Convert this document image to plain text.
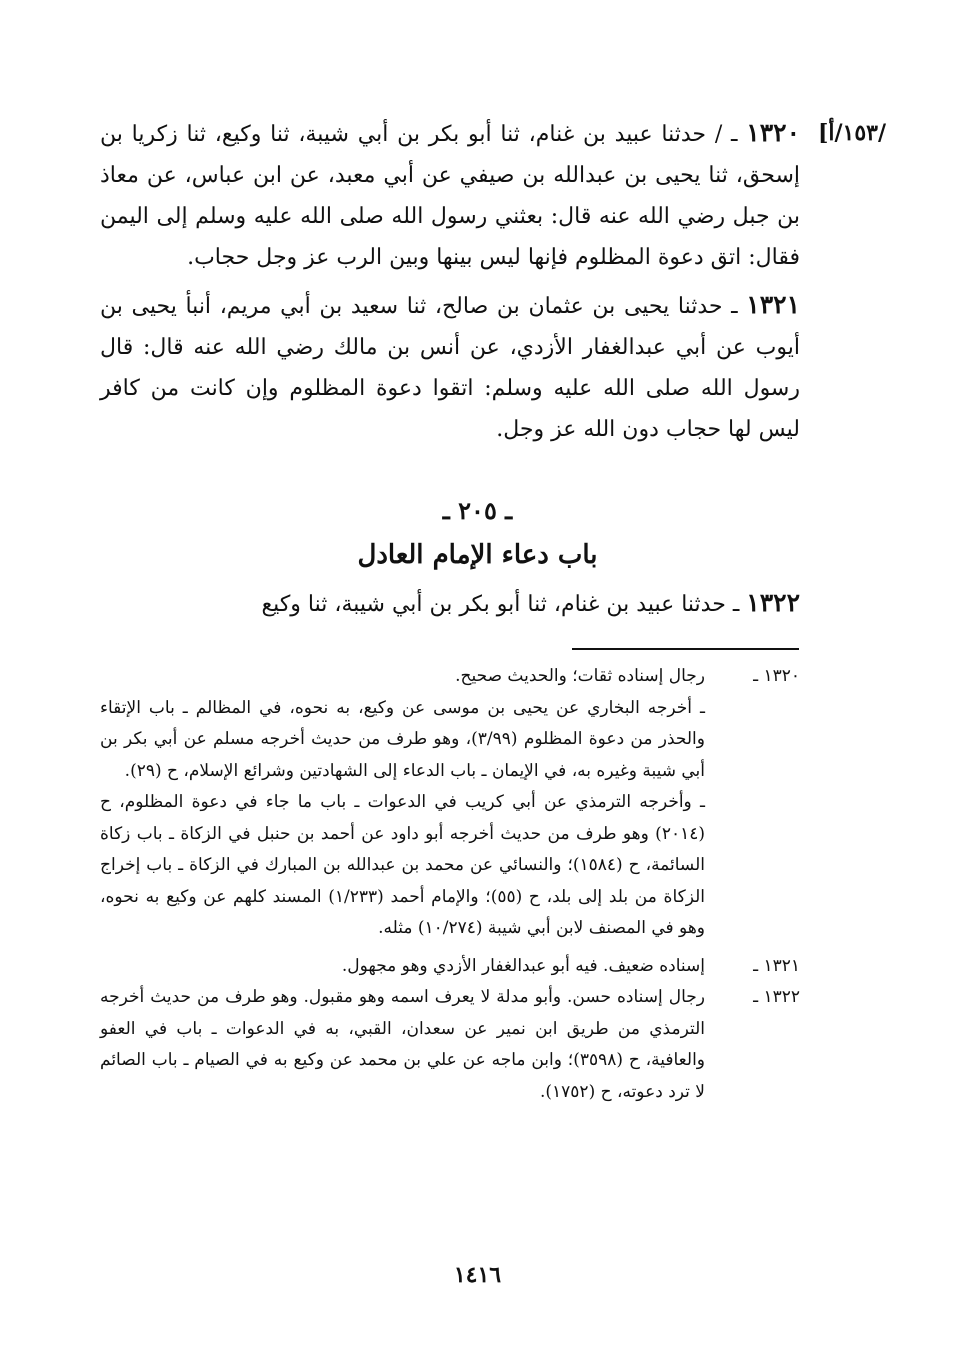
/١٥٣/أ]

١٣٢٠ ـ / حدثنا عبيد بن غنام، ثنا أبو بكر بن أبي شيبة، ثنا وكيع، ثنا زكريا بن إسحق، ثنا يحيى بن عبدالله بن صيفي عن أبي معبد، عن ابن عباس، عن معاذ بن جبل رضي الله عنه قال: بعثني رسول الله صلى الله عليه وسلم إلى اليمن فقال: اتق دعوة المظلوم فإنها ليس بينها وبين الرب عز وجل حجاب.

١٣٢١ ـ حدثنا يحيى بن عثمان بن صالح، ثنا سعيد بن أبي مريم، أنبأ يحيى بن أيوب عن أبي عبدالغفار الأزدي، عن أنس بن مالك رضي الله عنه قال: قال رسول الله صلى الله عليه وسلم: اتقوا دعوة المظلوم وإن كانت من كافر ليس لها حجاب دون الله عز وجل.

ـ ٢٠٥ ـ
باب دعاء الإمام العادل

١٣٢٢ ـ حدثنا عبيد بن غنام، ثنا أبو بكر بن أبي شيبة، ثنا وكيع

١٣٢٠ ـ

رجال إسناده ثقات؛ والحديث صحيح.

ـ أخرجه البخاري عن يحيى بن موسى عن وكيع، به نحوه، في المظالم ـ باب الإتقاء والحذر من دعوة المظلوم (٣/٩٩)، وهو طرف من حديث أخرجه مسلم عن أبي بكر بن أبي شيبة وغيره به، في الإيمان ـ باب الدعاء إلى الشهادتين وشرائع الإسلام، ح (٢٩).

ـ وأخرجه الترمذي عن أبي كريب في الدعوات ـ باب ما جاء في دعوة المظلوم، ح (٢٠١٤) وهو طرف من حديث أخرجه أبو داود عن أحمد بن حنبل في الزكاة ـ باب زكاة السائمة، ح (١٥٨٤)؛ والنسائي عن محمد بن عبدالله بن المبارك في الزكاة ـ باب إخراج الزكاة من بلد إلى بلد، ح (٥٥)؛ والإمام أحمد (١/٢٣٣) المسند كلهم عن وكيع به نحوه، وهو في المصنف لابن أبي شيبة (١٠/٢٧٤) مثله.

١٣٢١ ـ

إسناده ضعيف. فيه أبو عبدالغفار الأزدي وهو مجهول.

١٣٢٢ ـ

رجال إسناده حسن. وأبو مدلة لا يعرف اسمه وهو مقبول. وهو طرف من حديث أخرجه الترمذي من طريق ابن نمير عن سعدان، القبي، به في الدعوات ـ باب في العفو والعافية، ح (٣٥٩٨)؛ وابن ماجه عن علي بن محمد عن وكيع به في الصيام ـ باب الصائم لا ترد دعوته، ح (١٧٥٢).

١٤١٦
